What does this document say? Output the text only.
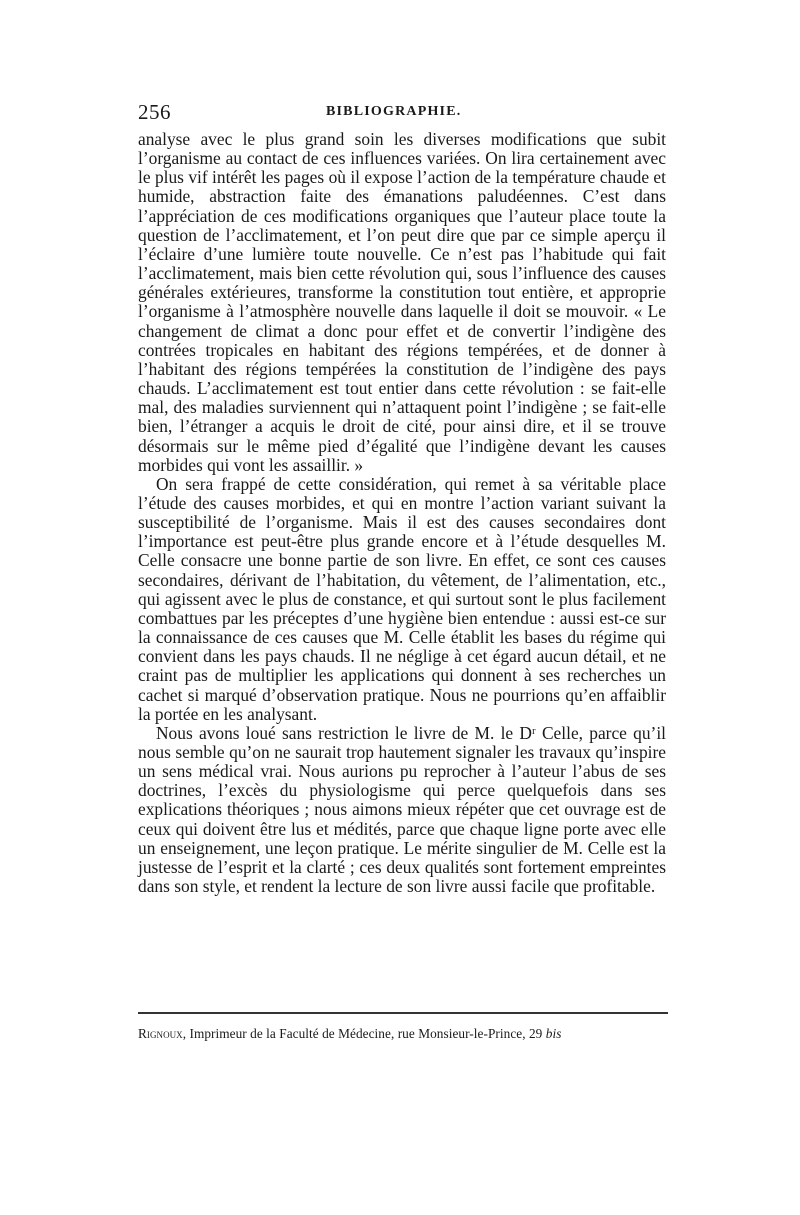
256	BIBLIOGRAPHIE.

analyse avec le plus grand soin les diverses modifications que subit l’organisme au contact de ces influences variées. On lira certainement avec le plus vif intérêt les pages où il expose l’action de la température chaude et humide, abstraction faite des émanations paludéennes. C’est dans l’appréciation de ces modifications organiques que l’auteur place toute la question de l’acclimatement, et l’on peut dire que par ce simple aperçu il l’éclaire d’une lumière toute nouvelle. Ce n’est pas l’habitude qui fait l’acclimatement, mais bien cette révolution qui, sous l’influence des causes générales extérieures, transforme la constitution tout entière, et approprie l’organisme à l’atmosphère nouvelle dans laquelle il doit se mouvoir. « Le changement de climat a donc pour effet et de convertir l’indigène des contrées tropicales en habitant des régions tempérées, et de donner à l’habitant des régions tempérées la constitution de l’indigène des pays chauds. L’acclimatement est tout entier dans cette révolution : se fait-elle mal, des maladies surviennent qui n’attaquent point l’indigène ; se fait-elle bien, l’étranger a acquis le droit de cité, pour ainsi dire, et il se trouve désormais sur le même pied d’égalité que l’indigène devant les causes morbides qui vont les assaillir. »

On sera frappé de cette considération, qui remet à sa véritable place l’étude des causes morbides, et qui en montre l’action variant suivant la susceptibilité de l’organisme. Mais il est des causes secondaires dont l’importance est peut-être plus grande encore et à l’étude desquelles M. Celle consacre une bonne partie de son livre. En effet, ce sont ces causes secondaires, dérivant de l’habitation, du vêtement, de l’alimentation, etc., qui agissent avec le plus de constance, et qui surtout sont le plus facilement combattues par les préceptes d’une hygiène bien entendue : aussi est-ce sur la connaissance de ces causes que M. Celle établit les bases du régime qui convient dans les pays chauds. Il ne néglige à cet égard aucun détail, et ne craint pas de multiplier les applications qui donnent à ses recherches un cachet si marqué d’observation pratique. Nous ne pourrions qu’en affaiblir la portée en les analysant.

Nous avons loué sans restriction le livre de M. le Dʳ Celle, parce qu’il nous semble qu’on ne saurait trop hautement signaler les travaux qu’inspire un sens médical vrai. Nous aurions pu reprocher à l’auteur l’abus de ses doctrines, l’excès du physiologisme qui perce quelquefois dans ses explications théoriques ; nous aimons mieux répéter que cet ouvrage est de ceux qui doivent être lus et médités, parce que chaque ligne porte avec elle un enseignement, une leçon pratique. Le mérite singulier de M. Celle est la justesse de l’esprit et la clarté ; ces deux qualités sont fortement empreintes dans son style, et rendent la lecture de son livre aussi facile que profitable.

Rignoux, Imprimeur de la Faculté de Médecine, rue Monsieur-le-Prince, 29 bis
